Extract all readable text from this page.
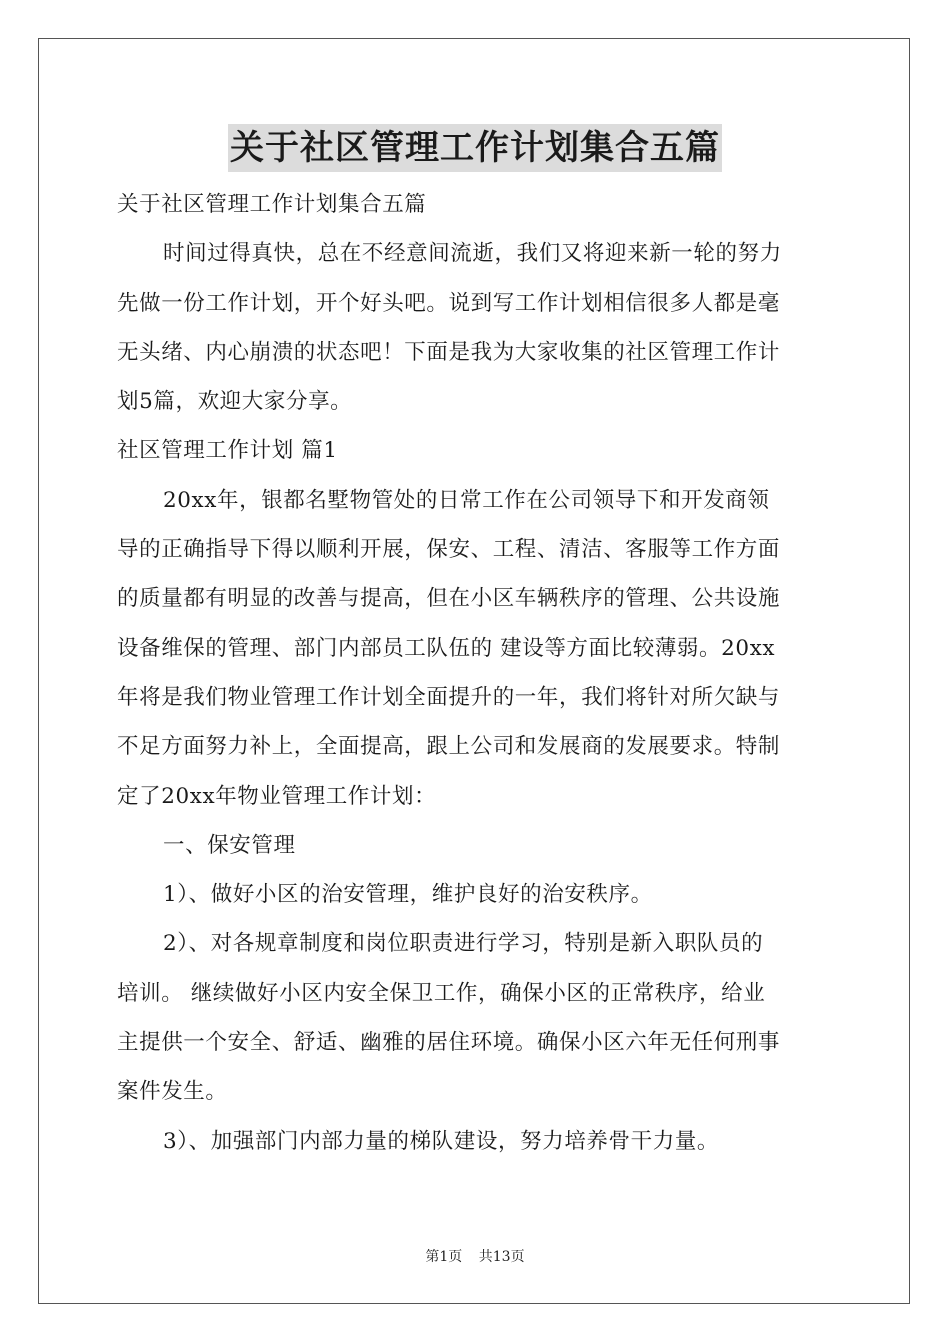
关于社区管理工作计划集合五篇
关于社区管理工作计划集合五篇
时间过得真快，总在不经意间流逝，我们又将迎来新一轮的努力
先做一份工作计划，开个好头吧。说到写工作计划相信很多人都是毫
无头绪、内心崩溃的状态吧！下面是我为大家收集的社区管理工作计
划5篇，欢迎大家分享。
社区管理工作计划 篇1
20xx年，银都名墅物管处的日常工作在公司领导下和开发商领
导的正确指导下得以顺利开展，保安、工程、清洁、客服等工作方面
的质量都有明显的改善与提高，但在小区车辆秩序的管理、公共设施
设备维保的管理、部门内部员工队伍的 建设等方面比较薄弱。20xx
年将是我们物业管理工作计划全面提升的一年，我们将针对所欠缺与
不足方面努力补上，全面提高，跟上公司和发展商的发展要求。特制
定了20xx年物业管理工作计划：
一、保安管理
1）、做好小区的治安管理，维护良好的治安秩序。
2）、对各规章制度和岗位职责进行学习，特别是新入职队员的
培训。 继续做好小区内安全保卫工作，确保小区的正常秩序，给业
主提供一个安全、舒适、幽雅的居住环境。确保小区六年无任何刑事
案件发生。
3）、加强部门内部力量的梯队建设，努力培养骨干力量。
第1页 共13页
